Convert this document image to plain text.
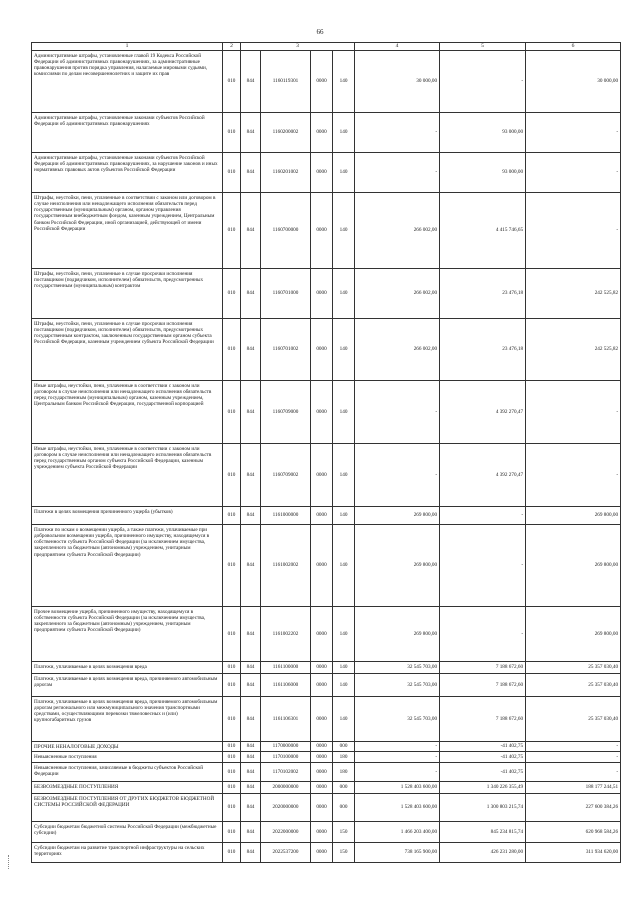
66
1	2	3				4	5	6
Административные штрафы, установленные главой 19 Кодекса Российской Федерации об административных правонарушениях, за административные правонарушения против порядка управления, налагаемые мировыми судьями, комиссиями по делам несовершеннолетних и защите их прав	010	844	1160119301	0000	140	30 000,00	-	30 000,00
Административные штрафы, установленные законами субъектов Российской Федерации об административных правонарушениях	010	844	1160200002	0000	140	-	93 000,00	-
Административные штрафы, установленные законами субъектов Российской Федерации об административных правонарушениях, за нарушение законов и иных нормативных правовых актов субъектов Российской Федерации	010	844	1160201002	0000	140	-	93 000,00	-
Штрафы, неустойки, пени, уплаченные в соответствии с законом или договором в случае неисполнения или ненадлежащего исполнения обязательств перед государственным (муниципальным) органом, органом управления государственным внебюджетным фондом, казенным учреждением, Центральным банком Российской Федерации, иной организацией, действующей от имени Российской Федерации	010	844	1160700000	0000	140	266 002,00	4 415 746,65	-
Штрафы, неустойки, пени, уплаченные в случае просрочки исполнения поставщиком (подрядчиком, исполнителем) обязательств, предусмотренных государственным (муниципальным) контрактом	010	844	1160701000	0000	140	266 002,00	23 476,18	242 525,82
Штрафы, неустойки, пени, уплаченные в случае просрочки исполнения поставщиком (подрядчиком, исполнителем) обязательств, предусмотренных государственным контрактом, заключенным государственным органом субъекта Российской Федерации, казенным учреждением субъекта Российской Федерации	010	844	1160701002	0000	140	266 002,00	23 476,18	242 525,82
Иные штрафы, неустойки, пени, уплаченные в соответствии с законом или договором в случае неисполнения или ненадлежащего исполнения обязательств перед государственным (муниципальным) органом, казенным учреждением, Центральным банком Российской Федерации, государственной корпорацией	010	844	1160709000	0000	140	-	4 392 270,47	-
Иные штрафы, неустойки, пени, уплаченные в соответствии с законом или договором в случае неисполнения или ненадлежащего исполнения обязательств перед государственным органом субъекта Российской Федерации, казенным учреждением субъекта Российской Федерации	010	844	1160709002	0000	140	-	4 392 270,47	-
Платежи в целях возмещения причиненного ущерба (убытков)	010	844	1161000000	0000	140	269 800,00	-	269 800,00
Платежи по искам о возмещении ущерба, а также платежи, уплачиваемые при добровольном возмещении ущерба, причиненного имуществу, находящемуся в собственности субъекта Российской Федерации (за исключением имущества, закрепленного за бюджетным (автономным) учреждением, унитарным предприятием субъекта Российской Федерации)	010	844	1161002002	0000	140	269 800,00	-	269 800,00
Прочее возмещение ущерба, причиненного имуществу, находящемуся в собственности субъекта Российской Федерации (за исключением имущества, закрепленного за бюджетным (автономным) учреждением, унитарным предприятием субъекта Российской Федерации)	010	844	1161002202	0000	140	269 800,00	-	269 800,00
Платежи, уплачиваемые в целях возмещения вреда	010	844	1161100000	0000	140	32 545 703,00	7 188 672,60	25 357 030,40
Платежи, уплачиваемые в целях возмещения вреда, причиняемого автомобильным дорогам	010	844	1161106000	0000	140	32 545 703,00	7 188 672,60	25 357 030,40
Платежи, уплачиваемые в целях возмещения вреда, причиняемого автомобильным дорогам регионального или межмуниципального значения транспортными средствами, осуществляющими перевозки тяжеловесных и (или) крупногабаритных грузов	010	844	1161106301	0000	140	32 545 703,00	7 188 672,60	25 357 030,40
ПРОЧИЕ НЕНАЛОГОВЫЕ ДОХОДЫ	010	844	1170000000	0000	000	-	-41 402,75	-
Невыясненные поступления	010	844	1170100000	0000	180	-	-41 402,75	-
Невыясненные поступления, зачисляемые в бюджеты субъектов Российской Федерации	010	844	1170102002	0000	180	-	-41 402,75	-
БЕЗВОЗМЕЗДНЫЕ ПОСТУПЛЕНИЯ	010	844	2000000000	0000	000	1 528 403 600,00	1 340 226 355,49	188 177 244,51
БЕЗВОЗМЕЗДНЫЕ ПОСТУПЛЕНИЯ ОТ ДРУГИХ БЮДЖЕТОВ БЮДЖЕТНОЙ СИСТЕМЫ РОССИЙСКОЙ ФЕДЕРАЦИИ	010	844	2020000000	0000	000	1 528 403 600,00	1 300 803 215,74	227 600 384,26
Субсидии бюджетам бюджетной системы Российской Федерации (межбюджетные субсидии)	010	844	2022000000	0000	150	1 466 203 400,00	845 234 815,74	620 968 584,26
Субсидии бюджетам на развитие транспортной инфраструктуры на сельских территориях	010	844	2022537200	0000	150	738 165 900,00	426 231 280,00	311 934 620,00
